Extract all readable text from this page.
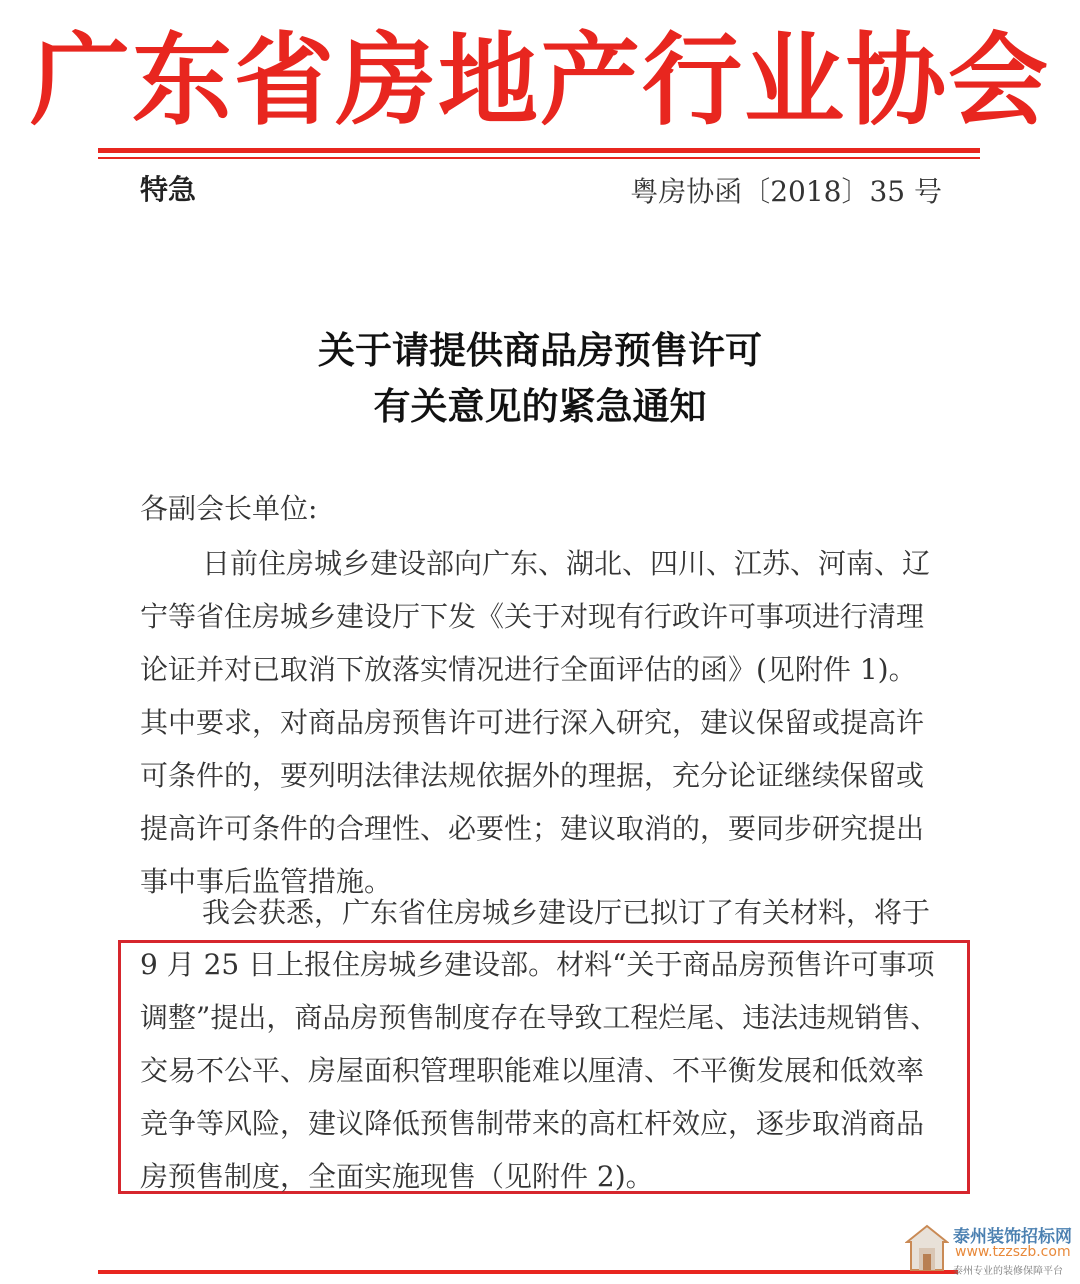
广东省房地产行业协会
特急	粤房协函〔2018〕35 号
关于请提供商品房预售许可
有关意见的紧急通知
各副会长单位:
日前住房城乡建设部向广东、湖北、四川、江苏、河南、辽
宁等省住房城乡建设厅下发《关于对现有行政许可事项进行清理
论证并对已取消下放落实情况进行全面评估的函》(见附件 1)。
其中要求，对商品房预售许可进行深入研究，建议保留或提高许
可条件的，要列明法律法规依据外的理据，充分论证继续保留或
提高许可条件的合理性、必要性；建议取消的，要同步研究提出
事中事后监管措施。
我会获悉，广东省住房城乡建设厅已拟订了有关材料，将于
9 月 25 日上报住房城乡建设部。材料“关于商品房预售许可事项
调整”提出，商品房预售制度存在导致工程烂尾、违法违规销售、
交易不公平、房屋面积管理职能难以厘清、不平衡发展和低效率
竞争等风险，建议降低预售制带来的高杠杆效应，逐步取消商品
房预售制度，全面实施现售（见附件 2)。
泰州装饰招标网
www.tzzszb.com
泰州专业的装修保障平台
